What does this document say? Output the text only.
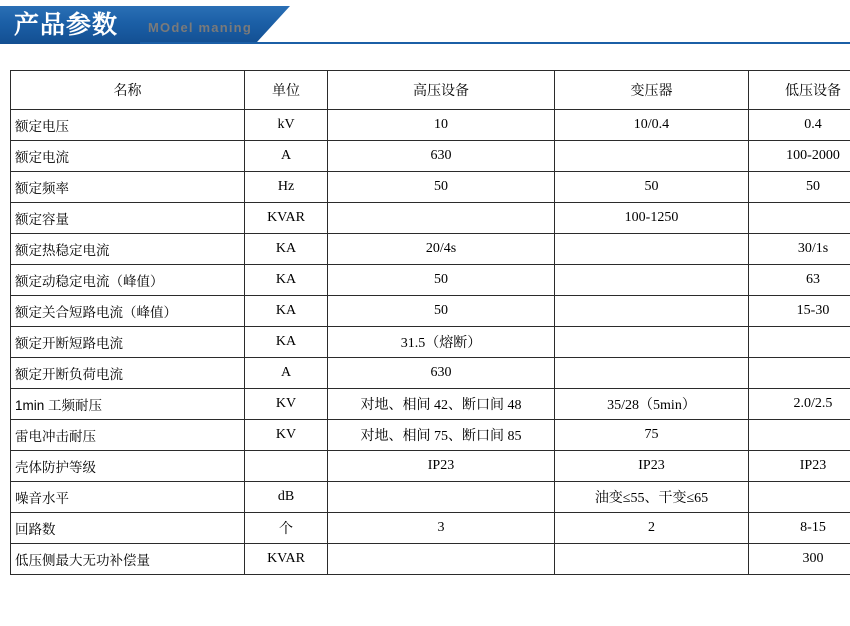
产品参数 MOdel maning
名称	单位	高压设备	变压器	低压设备
额定电压	kV	10	10/0.4	0.4
额定电流	A	630		100-2000
额定频率	Hz	50	50	50
额定容量	KVAR		100-1250	
额定热稳定电流	KA	20/4s		30/1s
额定动稳定电流（峰值）	KA	50		63
额定关合短路电流（峰值）	KA	50		15-30
额定开断短路电流	KA	31.5（熔断）		
额定开断负荷电流	A	630		
1min 工频耐压	KV	对地、相间 42、断口间 48	35/28（5min）	2.0/2.5
雷电冲击耐压	KV	对地、相间 75、断口间 85	75	
壳体防护等级		IP23	IP23	IP23
噪音水平	dB		油变≤55、干变≤65	
回路数	个	3	2	8-15
低压侧最大无功补偿量	KVAR			300
